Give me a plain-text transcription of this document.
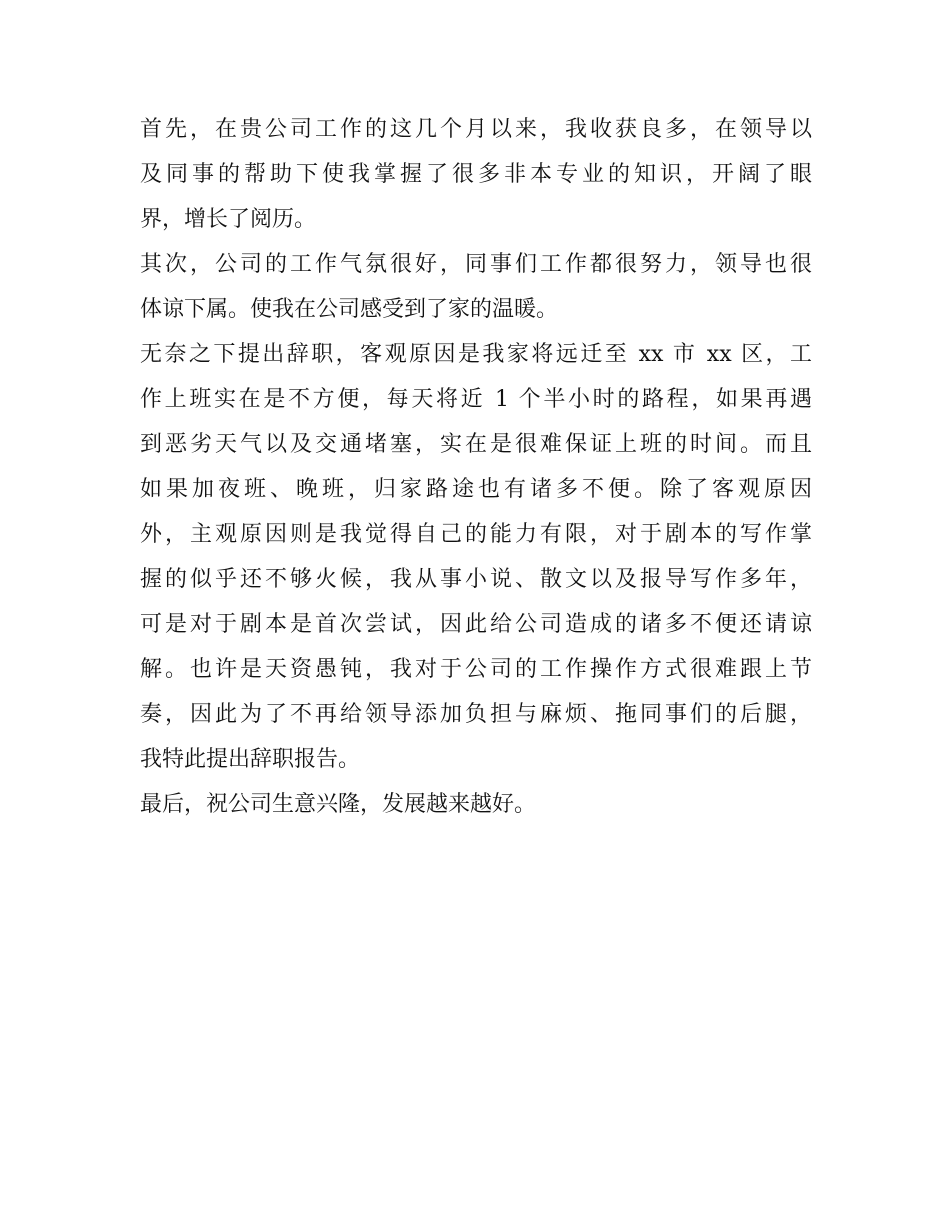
首先，在贵公司工作的这几个月以来，我收获良多，在领导以
及同事的帮助下使我掌握了很多非本专业的知识，开阔了眼
界，增长了阅历。

其次，公司的工作气氛很好，同事们工作都很努力，领导也很
体谅下属。使我在公司感受到了家的温暖。

无奈之下提出辞职，客观原因是我家将远迁至 xx 市 xx 区，工
作上班实在是不方便，每天将近 1 个半小时的路程，如果再遇
到恶劣天气以及交通堵塞，实在是很难保证上班的时间。而且
如果加夜班、晚班，归家路途也有诸多不便。除了客观原因
外，主观原因则是我觉得自己的能力有限，对于剧本的写作掌
握的似乎还不够火候，我从事小说、散文以及报导写作多年，
可是对于剧本是首次尝试，因此给公司造成的诸多不便还请谅
解。也许是天资愚钝，我对于公司的工作操作方式很难跟上节
奏，因此为了不再给领导添加负担与麻烦、拖同事们的后腿，
我特此提出辞职报告。

最后，祝公司生意兴隆，发展越来越好。
